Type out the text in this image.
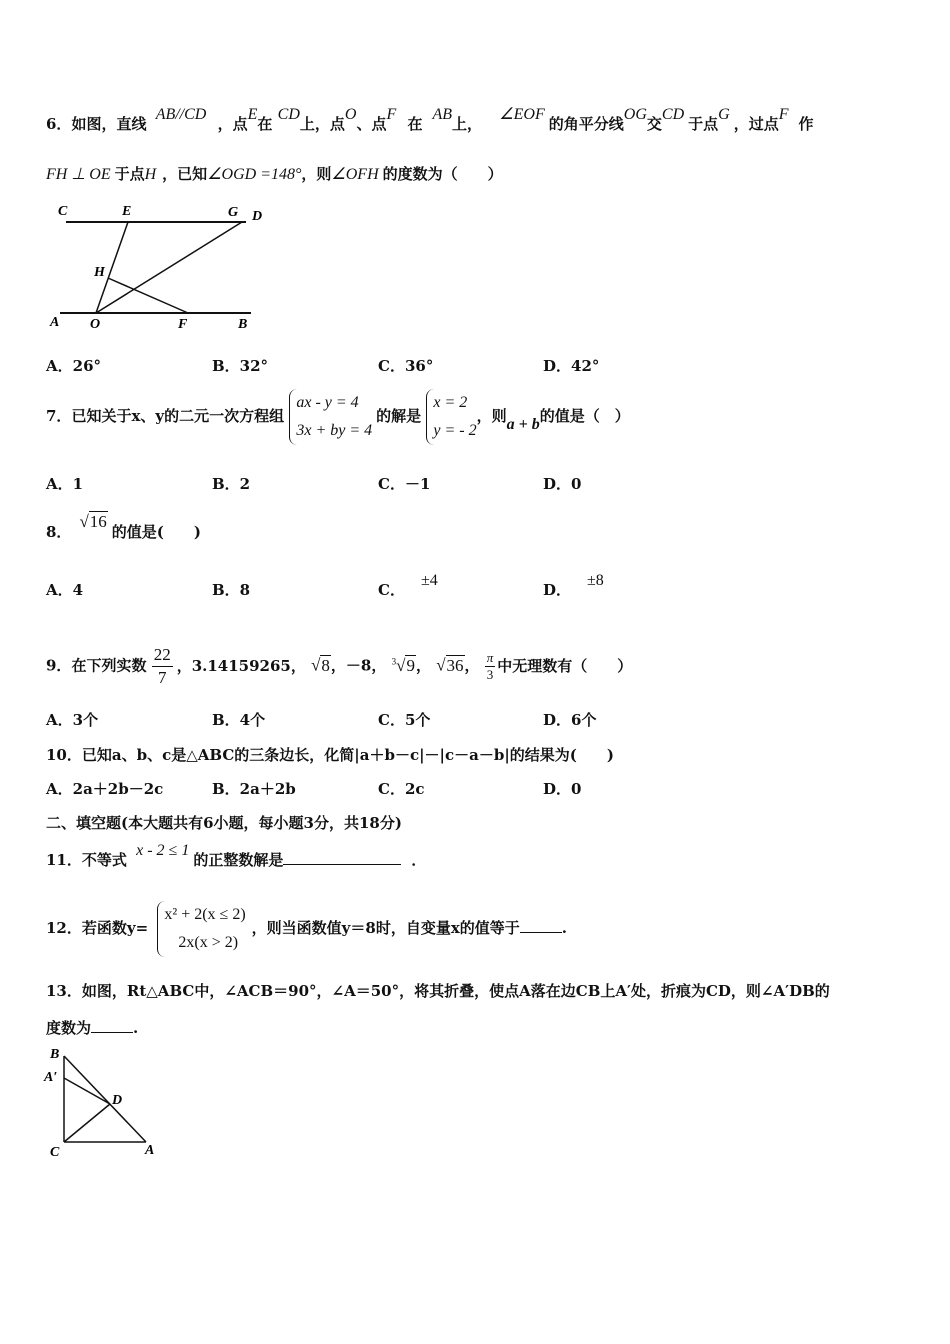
6．如图，直线 AB//CD ，点E在 CD上，点O、点F 在AB上， ∠EOF的角平分线OG交CD于点G，过点F作
FH ⊥ OE 于点H ，已知∠OGD =148°，则∠OFH 的度数为（　　）
C	E	G D
H
A O	F	B
A．26°	B．32°	C．36°	D．42°
7．已知关于x、y的二元一次方程组 ax - y = 4
3x + by = 4的解是 x = 2
y = - 2，则a + b的值是（　）
A．1	B．2	C．－1	D．0
8．√16的值是(　　)
A．4	B．8	C．±4
D．±8
9．在下列实数 $\frac{22}{7}$ ，3.14159265， √8，－8， $^3$√9， √36， $\frac{\pi}{3}$ 中无理数有（　　）
A．3个	B．4个	C．5个	D．6个
10．已知a、b、c是△ABC的三条边长，化简|a＋b－c|－|c－a－b|的结果为(　　)
A．2a＋2b－2c	B．2a＋2b	C．2c	D．0
二、填空题(本大题共有6小题，每小题3分，共18分)
11．不等式 x - 2 ≤ 1的正整数解是	．
12．若函数y= x² + 2(x ≤ 2)
2x(x > 2)，则当函数值y＝8时，自变量x的值等于	.
13．如图，Rt△ABC中，∠ACB＝90°，∠A＝50°，将其折叠，使点A落在边CB上A′处，折痕为CD，则∠A′DB的
度数为	.
B
A′
D
C	A
